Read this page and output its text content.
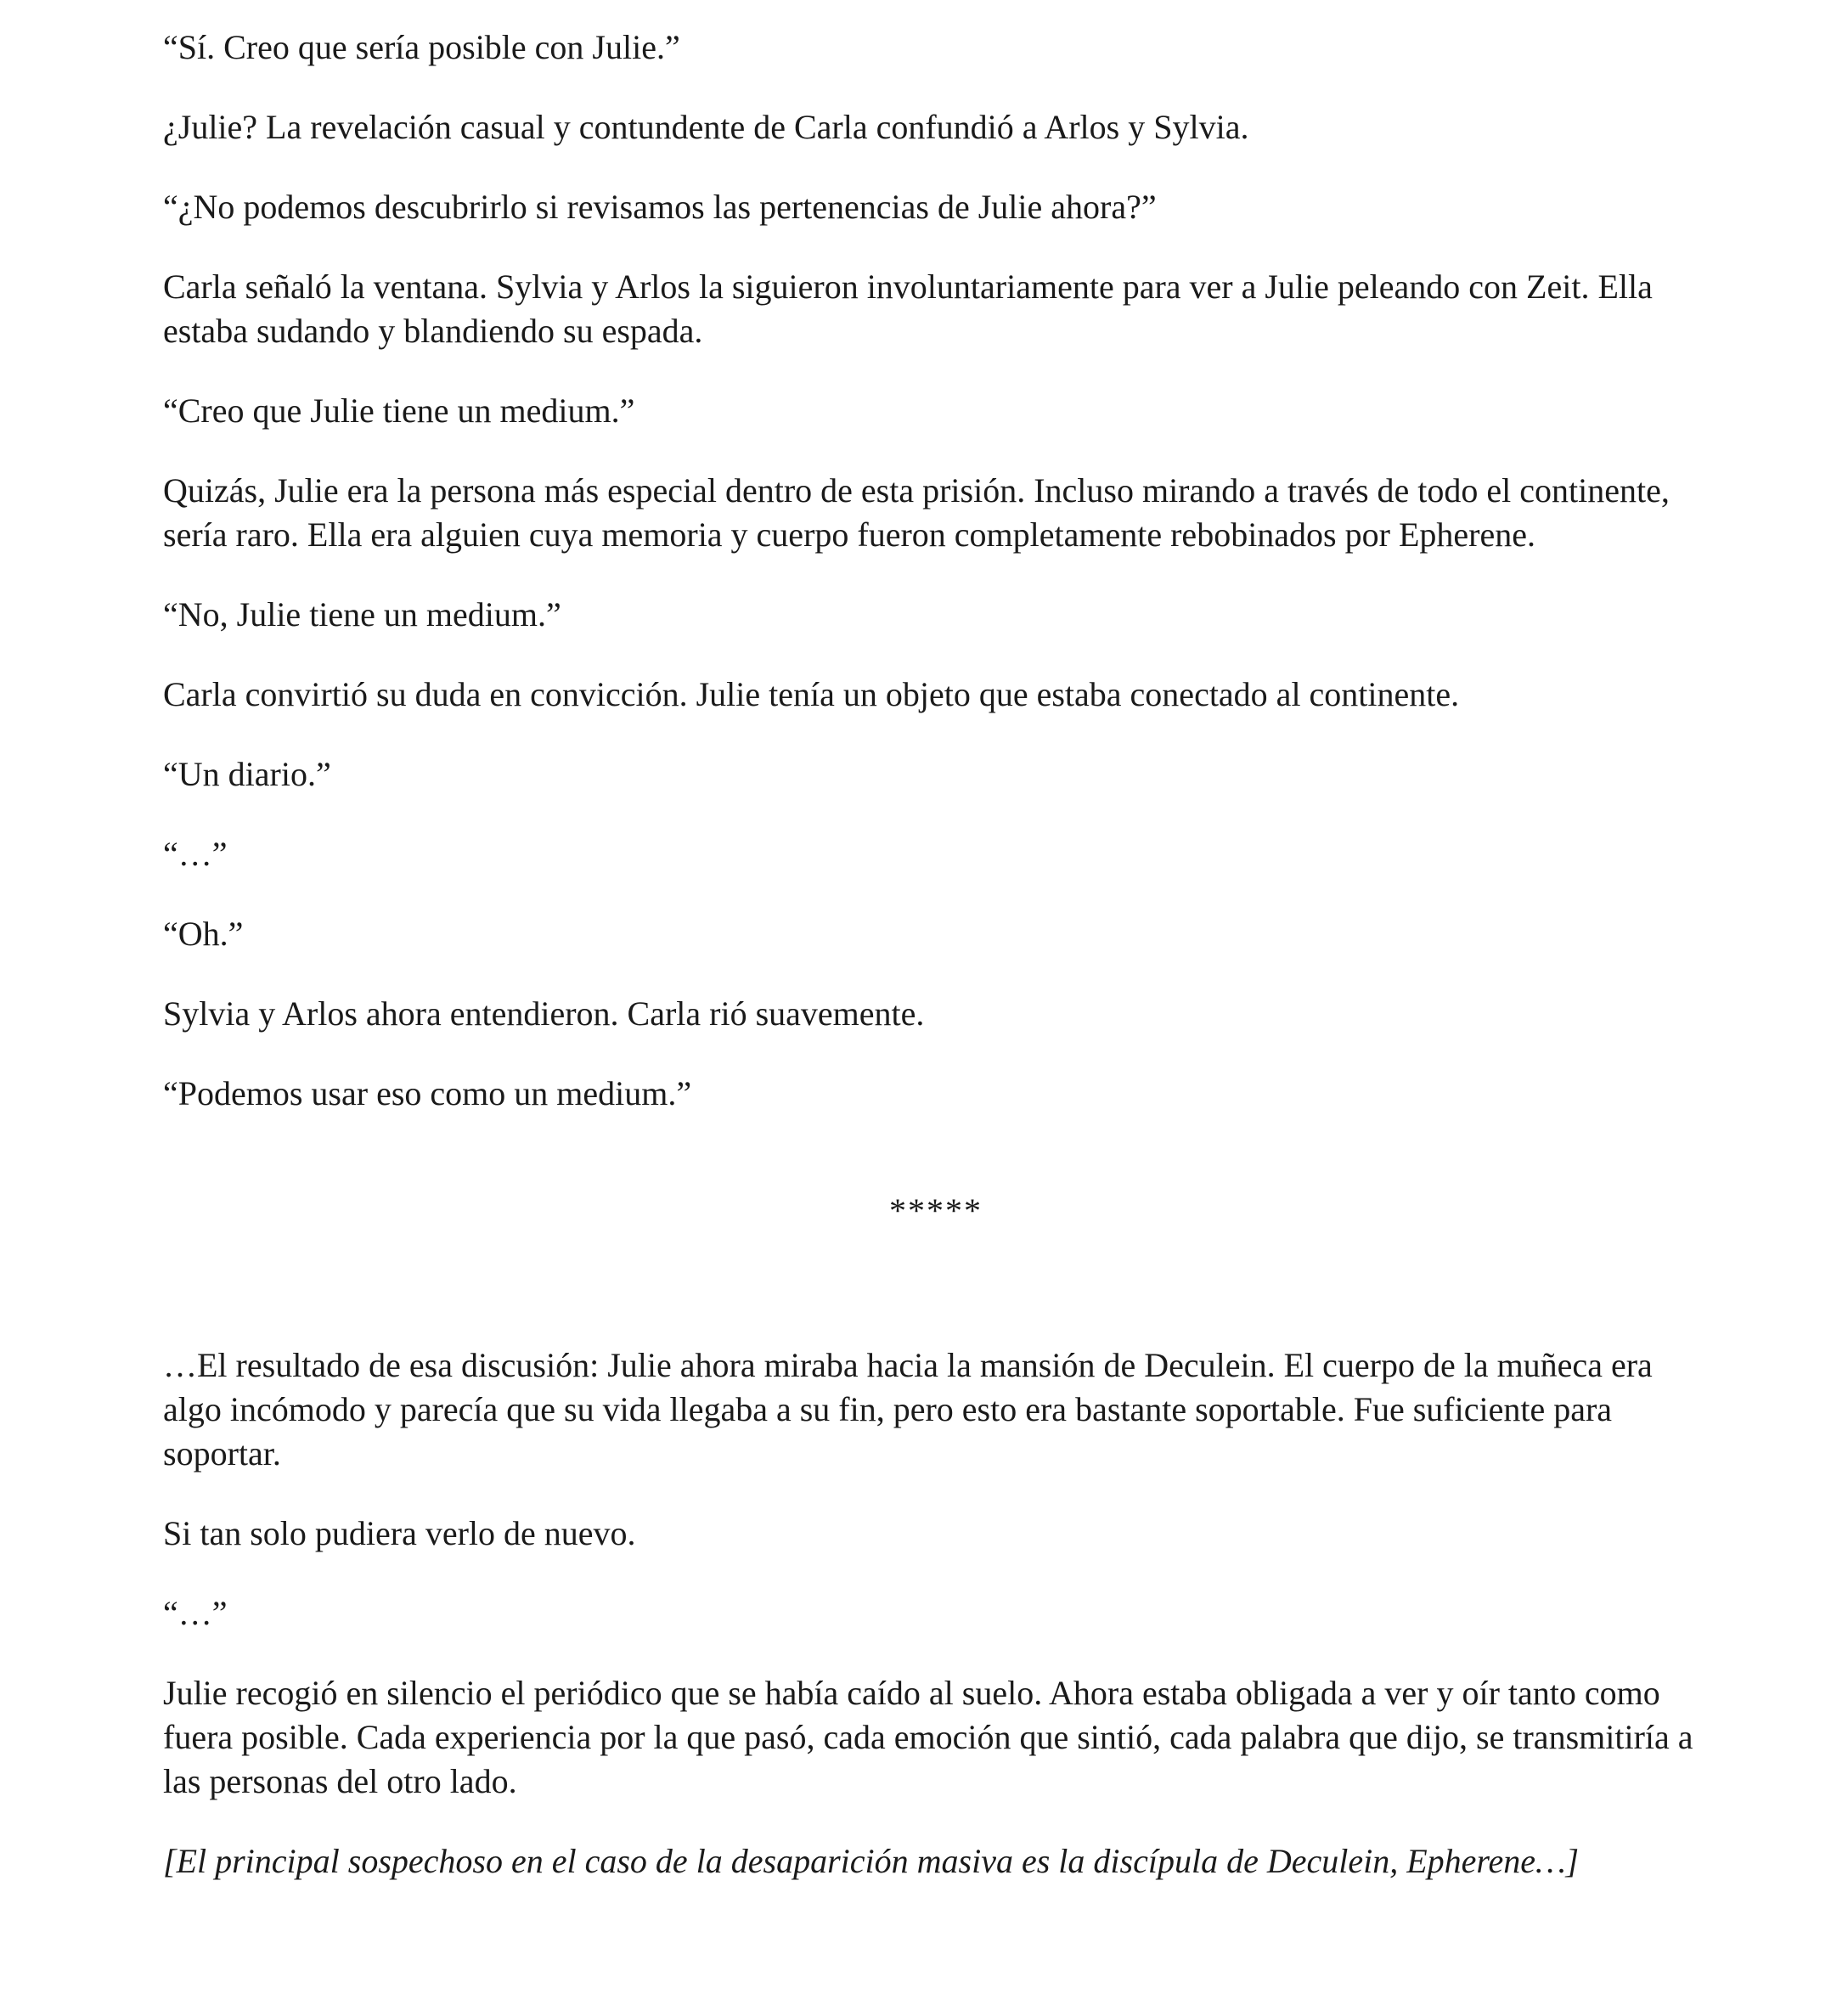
“Sí. Creo que sería posible con Julie.”

¿Julie? La revelación casual y contundente de Carla confundió a Arlos y Sylvia.

“¿No podemos descubrirlo si revisamos las pertenencias de Julie ahora?”

Carla señaló la ventana. Sylvia y Arlos la siguieron involuntariamente para ver a Julie peleando con Zeit. Ella estaba sudando y blandiendo su espada.

“Creo que Julie tiene un medium.”

Quizás, Julie era la persona más especial dentro de esta prisión. Incluso mirando a través de todo el continente, sería raro. Ella era alguien cuya memoria y cuerpo fueron completamente rebobinados por Epherene.

“No, Julie tiene un medium.”

Carla convirtió su duda en convicción. Julie tenía un objeto que estaba conectado al continente.

“Un diario.”

“…”

“Oh.”

Sylvia y Arlos ahora entendieron. Carla rió suavemente.

“Podemos usar eso como un medium.”

*****

…El resultado de esa discusión: Julie ahora miraba hacia la mansión de Deculein. El cuerpo de la muñeca era algo incómodo y parecía que su vida llegaba a su fin, pero esto era bastante soportable. Fue suficiente para soportar.

Si tan solo pudiera verlo de nuevo.

“…”

Julie recogió en silencio el periódico que se había caído al suelo. Ahora estaba obligada a ver y oír tanto como fuera posible. Cada experiencia por la que pasó, cada emoción que sintió, cada palabra que dijo, se transmitiría a las personas del otro lado.

[El principal sospechoso en el caso de la desaparición masiva es la discípula de Deculein, Epherene…]
